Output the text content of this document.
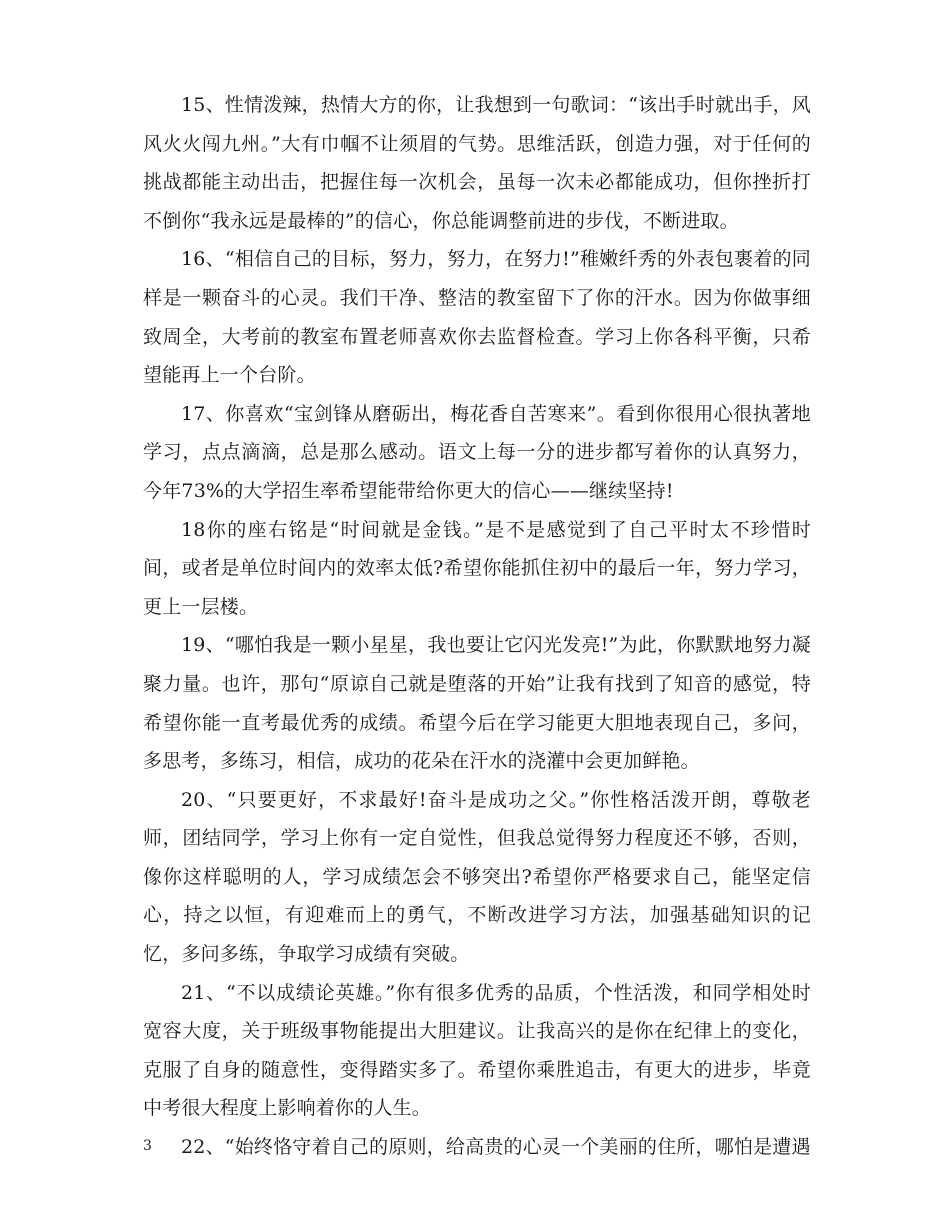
15、性情泼辣，热情大方的你，让我想到一句歌词：“该出手时就出手，风风火火闯九州。”大有巾帼不让须眉的气势。思维活跃，创造力强，对于任何的挑战都能主动出击，把握住每一次机会，虽每一次未必都能成功，但你挫折打不倒你“我永远是最棒的”的信心，你总能调整前进的步伐，不断进取。

16、“相信自己的目标，努力，努力，在努力!”稚嫩纤秀的外表包裹着的同样是一颗奋斗的心灵。我们干净、整洁的教室留下了你的汗水。因为你做事细致周全，大考前的教室布置老师喜欢你去监督检查。学习上你各科平衡，只希望能再上一个台阶。

17、你喜欢“宝剑锋从磨砺出，梅花香自苦寒来”。看到你很用心很执著地学习，点点滴滴，总是那么感动。语文上每一分的进步都写着你的认真努力，今年73%的大学招生率希望能带给你更大的信心——继续坚持!

18你的座右铭是“时间就是金钱。”是不是感觉到了自己平时太不珍惜时间，或者是单位时间内的效率太低?希望你能抓住初中的最后一年，努力学习，更上一层楼。

19、“哪怕我是一颗小星星，我也要让它闪光发亮!”为此，你默默地努力凝聚力量。也许，那句“原谅自己就是堕落的开始”让我有找到了知音的感觉，特希望你能一直考最优秀的成绩。希望今后在学习能更大胆地表现自己，多问，多思考，多练习，相信，成功的花朵在汗水的浇灌中会更加鲜艳。

20、“只要更好，不求最好!奋斗是成功之父。”你性格活泼开朗，尊敬老师，团结同学，学习上你有一定自觉性，但我总觉得努力程度还不够，否则，像你这样聪明的人，学习成绩怎会不够突出?希望你严格要求自己，能坚定信心，持之以恒，有迎难而上的勇气，不断改进学习方法，加强基础知识的记忆，多问多练，争取学习成绩有突破。

21、“不以成绩论英雄。”你有很多优秀的品质，个性活泼，和同学相处时宽容大度，关于班级事物能提出大胆建议。让我高兴的是你在纪律上的变化，克服了自身的随意性，变得踏实多了。希望你乘胜追击，有更大的进步，毕竟中考很大程度上影响着你的人生。

22、“始终恪守着自己的原则，给高贵的心灵一个美丽的住所，哪怕是遭遇

3
